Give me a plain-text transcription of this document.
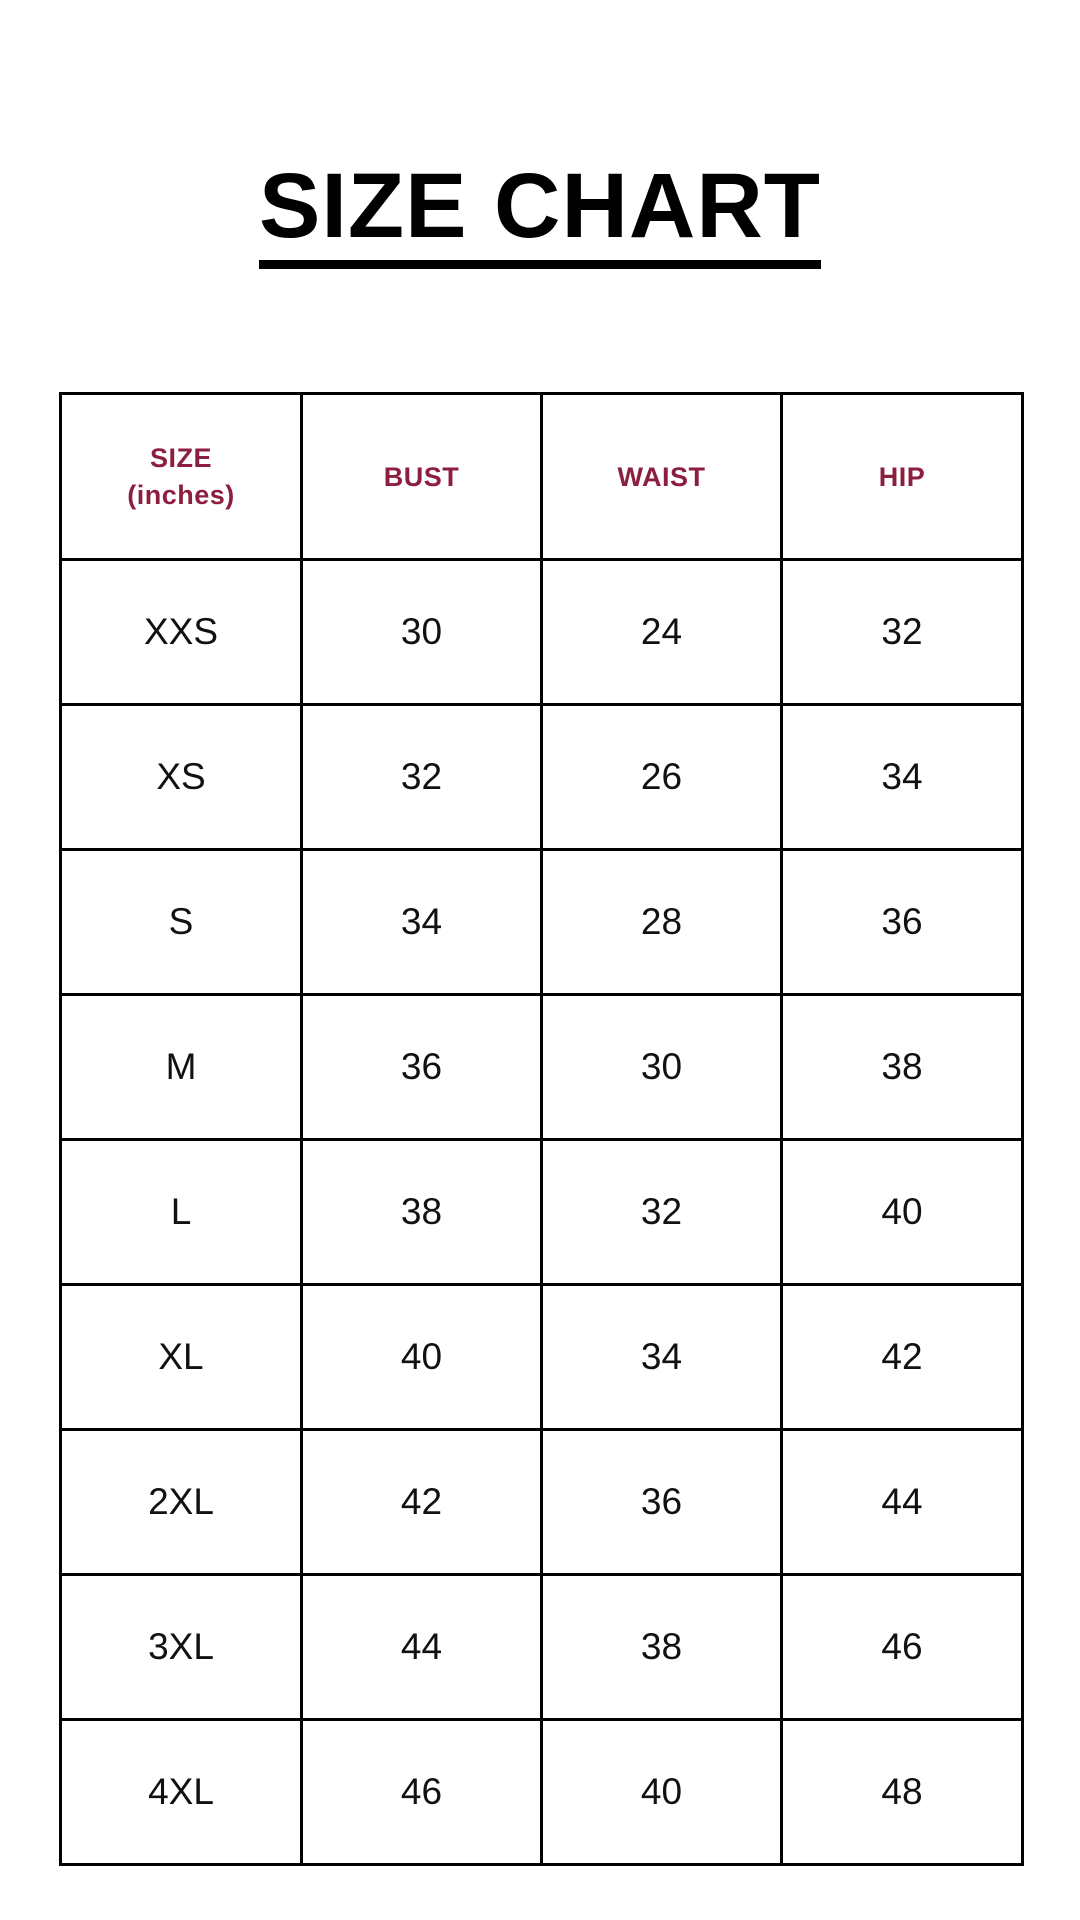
SIZE CHART
SIZE
(inches)	BUST	WAIST	HIP
XXS	30	24	32
XS	32	26	34
S	34	28	36
M	36	30	38
L	38	32	40
XL	40	34	42
2XL	42	36	44
3XL	44	38	46
4XL	46	40	48
